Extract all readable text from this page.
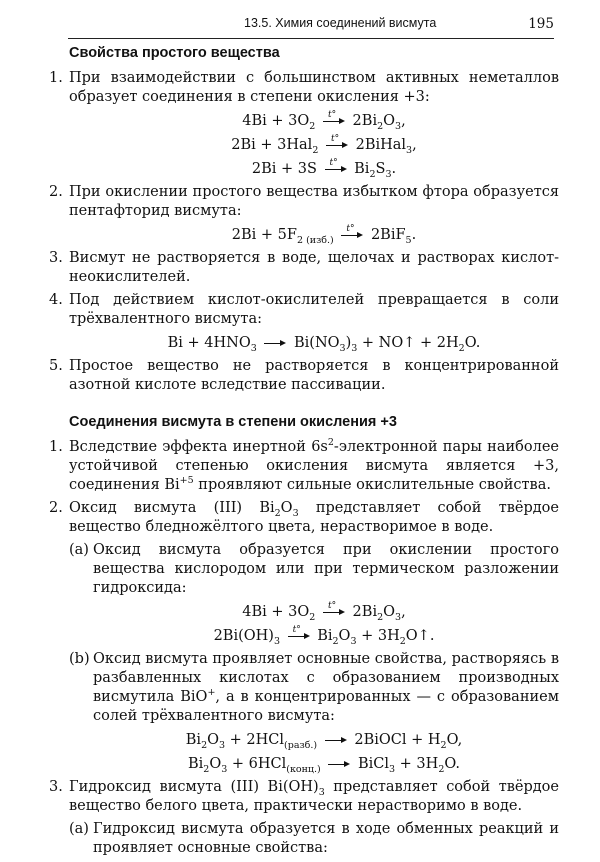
13.5. Химия соединений висмута	195
Свойства простого вещества
1. При взаимодействии с большинством активных неметаллов образует соединения в степени окисления +3:
$4Bi + 3O_2$
t° $2Bi_2O_3$,
2Bi + 3Hal$_2$
t° 2BiHal$_3$,
2Bi + 3S t° $Bi_2S_3$.
2. При окислении простого вещества избытком фтора образуется пентафторид висмута:
$2Bi + 5F_{2 (изб.)}$
t° 2BiF$_5$.
3. Висмут не растворяется в воде, щелочах и растворах кислот-неокислителей.
4. Под действием кислот-окислителей превращается в соли трёхвалентного висмута:
$Bi + 4HNO_3$  $Bi(NO_3)_3$ + NO↑ + $2H_2O$.
5. Простое вещество не растворяется в концентрированной азотной кислоте вследствие пассивации.
Соединения висмута в степени окисления +3
1. Вследствие эффекта инертной $6s^2$-электронной пары наиболее устойчивой степенью окисления висмута является +3, соединения $Bi^{+5}$ проявляют сильные окислительные свойства.
2. Оксид висмута (III) $Bi_2O_3$ представляет собой твёрдое вещество бледножёлтого цвета, нерастворимое в воде.
(a) Оксид висмута образуется при окислении простого вещества кислородом или при термическом разложении гидроксида:
$4Bi + 3O_2$
t° $2Bi_2O_3$,
$2Bi(OH)_3$
t° $Bi_2O_3$ + $3H_2O↑$.
(b) Оксид висмута проявляет основные свойства, растворяясь в разбавленных кислотах с образованием производных висмутила BiO+, а в концентрированных — с образованием солей трёхвалентного висмута:
$Bi_2O_3 + 2HCl_{(разб.)}$  2BiOCl + $H_2O$,
$Bi_2O_3 + 6HCl_{(конц.)}$  BiCl$_3$ + $3H_2O$.
3. Гидроксид висмута (III) $Bi(OH)_3$ представляет собой твёрдое вещество белого цвета, практически нерастворимо в воде.
(a) Гидроксид висмута образуется в ходе обменных реакций и проявляет основные свойства:
